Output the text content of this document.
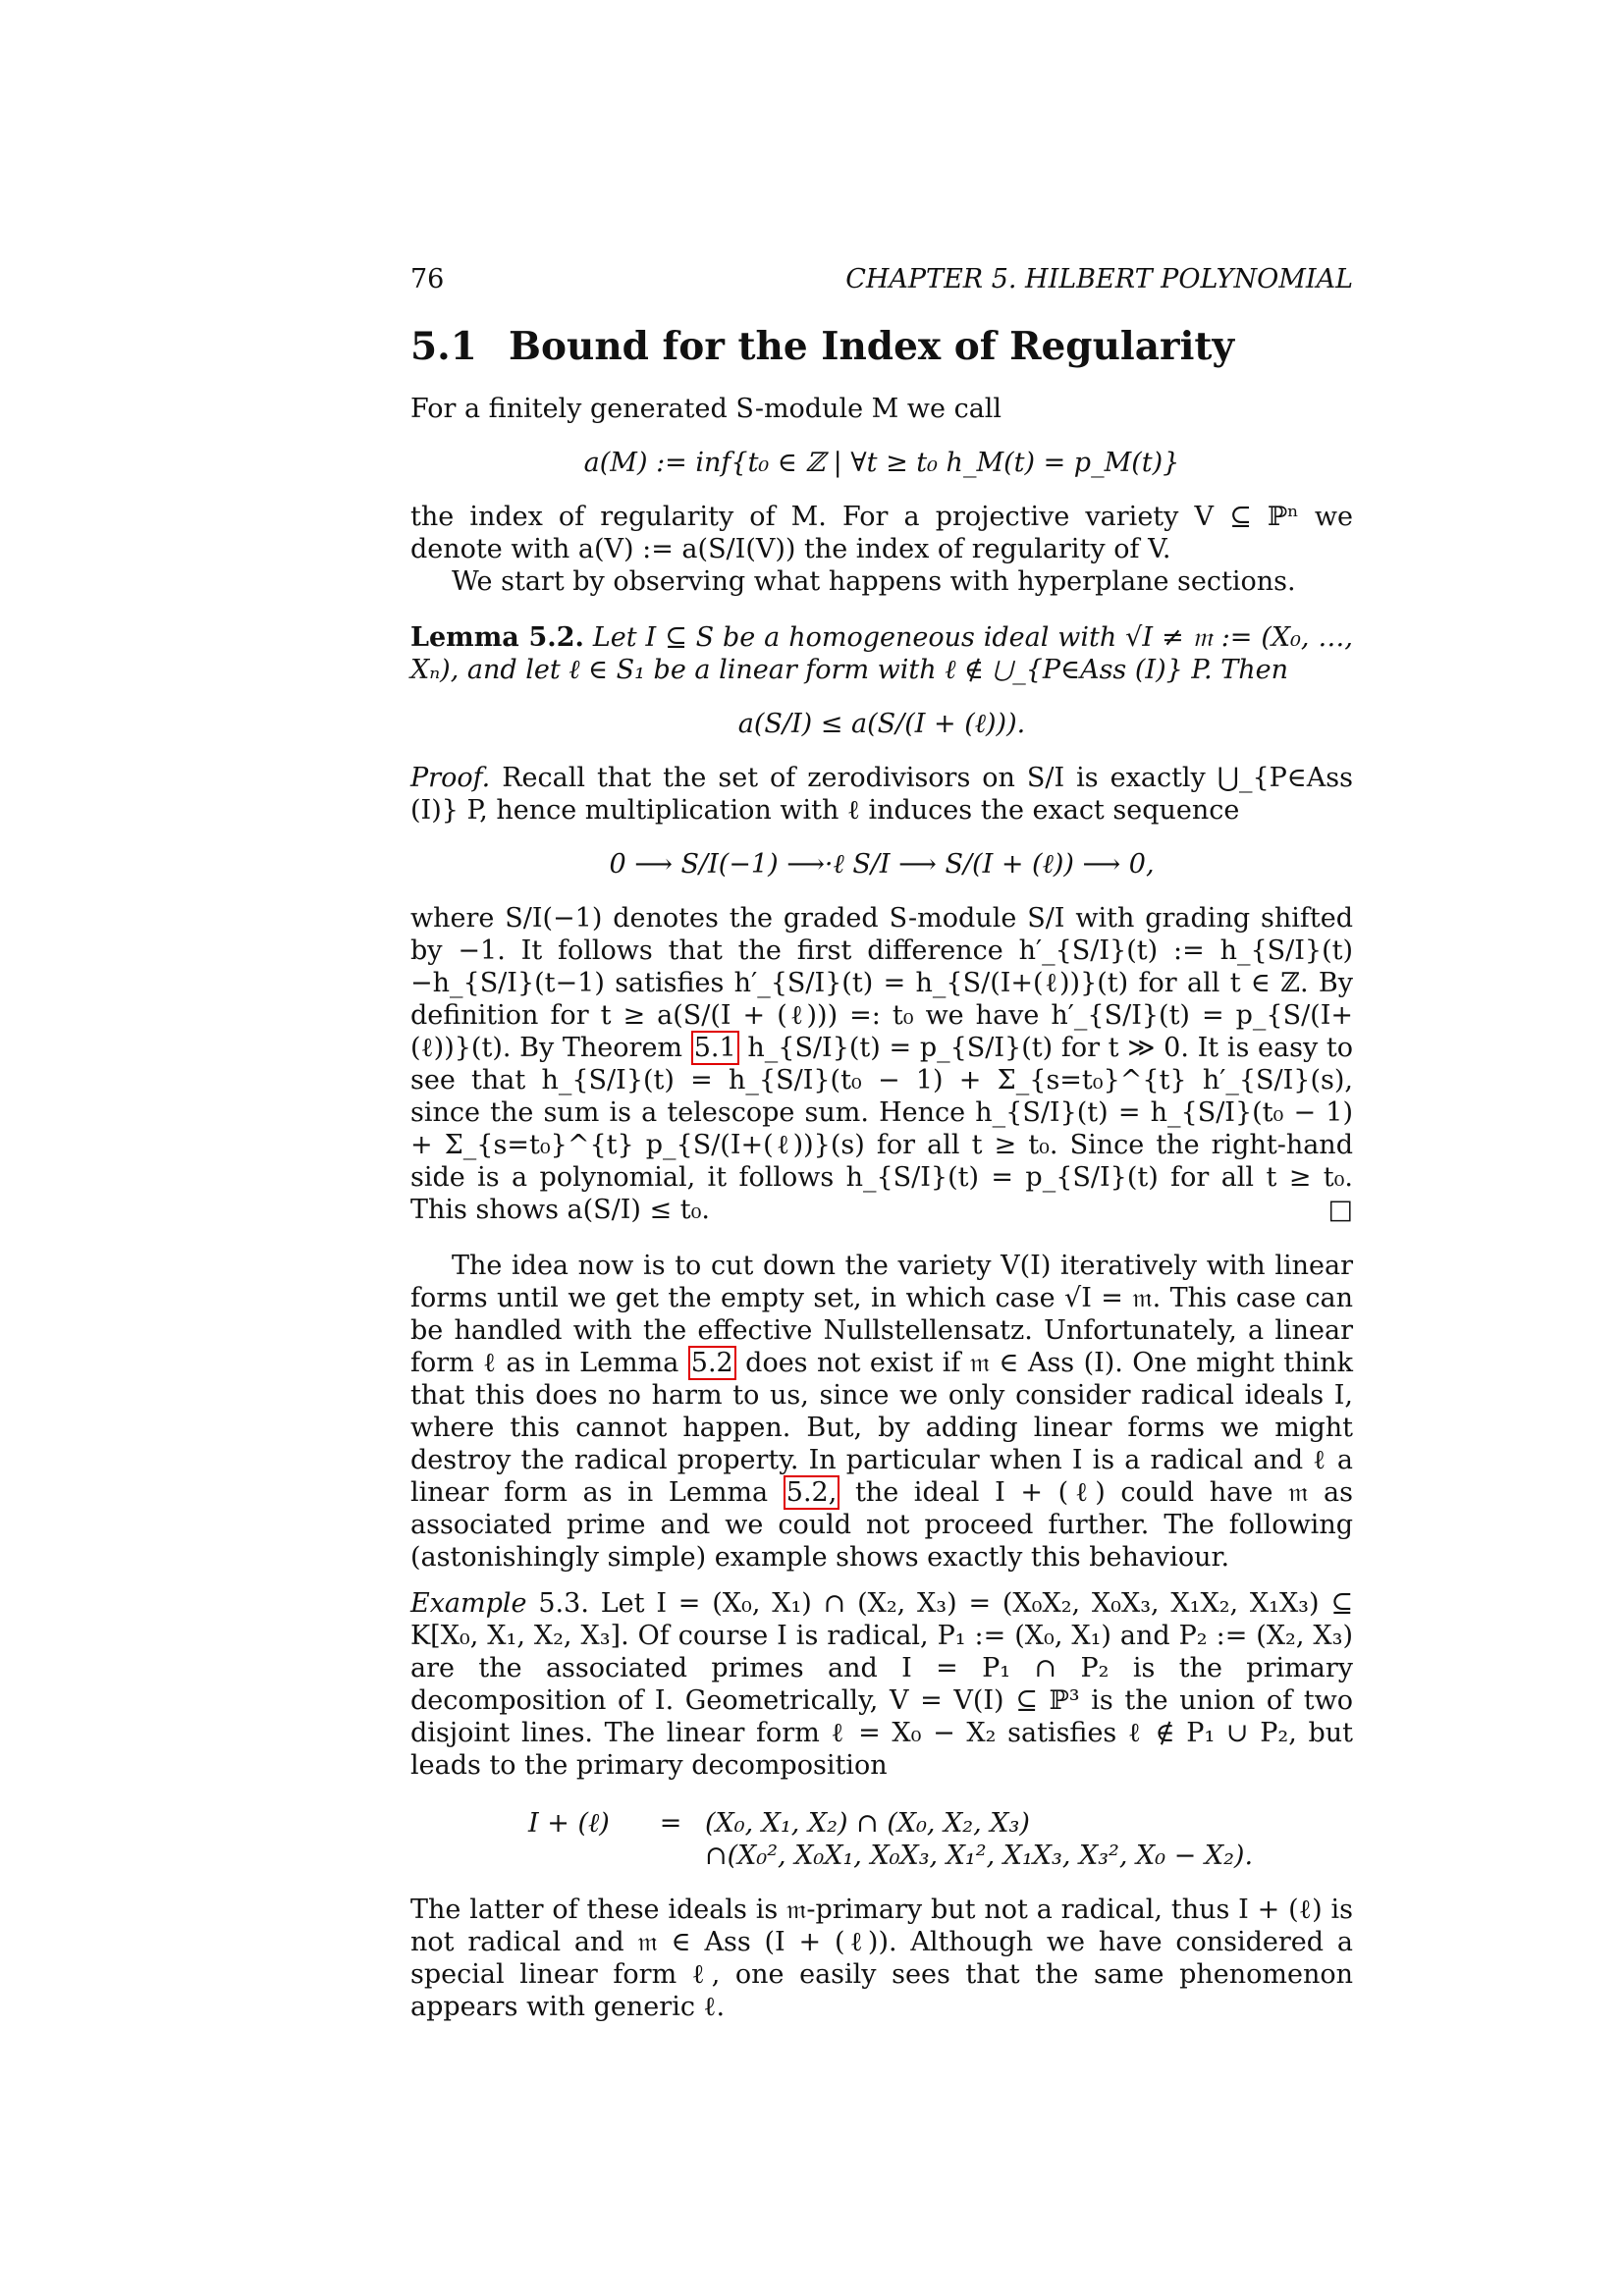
76	CHAPTER 5. HILBERT POLYNOMIAL
5.1 Bound for the Index of Regularity

For a finitely generated S-module M we call

a(M) := inf{t₀ ∈ ℤ | ∀t ≥ t₀ h_M(t) = p_M(t)}

the index of regularity of M. For a projective variety V ⊆ ℙⁿ we denote with a(V) := a(S/I(V)) the index of regularity of V.

We start by observing what happens with hyperplane sections.

Lemma 5.2. Let I ⊆ S be a homogeneous ideal with √I ≠ 𝔪 := (X₀, …, Xₙ), and let ℓ ∈ S₁ be a linear form with ℓ ∉ ⋃_{P∈Ass (I)} P. Then

a(S/I) ≤ a(S/(I + (ℓ))).

Proof. Recall that the set of zerodivisors on S/I is exactly ⋃_{P∈Ass (I)} P, hence multiplication with ℓ induces the exact sequence

0 ⟶ S/I(−1) ⟶·ℓ S/I ⟶ S/(I + (ℓ)) ⟶ 0,

where S/I(−1) denotes the graded S-module S/I with grading shifted by −1. It follows that the first difference h′_{S/I}(t) := h_{S/I}(t)−h_{S/I}(t−1) satisfies h′_{S/I}(t) = h_{S/(I+(ℓ))}(t) for all t ∈ ℤ. By definition for t ≥ a(S/(I + (ℓ))) =: t₀ we have h′_{S/I}(t) = p_{S/(I+(ℓ))}(t). By Theorem 5.1 h_{S/I}(t) = p_{S/I}(t) for t ≫ 0. It is easy to see that h_{S/I}(t) = h_{S/I}(t₀ − 1) + Σ_{s=t₀}^{t} h′_{S/I}(s), since the sum is a telescope sum. Hence h_{S/I}(t) = h_{S/I}(t₀ − 1) + Σ_{s=t₀}^{t} p_{S/(I+(ℓ))}(s) for all t ≥ t₀. Since the right-hand side is a polynomial, it follows h_{S/I}(t) = p_{S/I}(t) for all t ≥ t₀. This shows a(S/I) ≤ t₀.	□

The idea now is to cut down the variety V(I) iteratively with linear forms until we get the empty set, in which case √I = 𝔪. This case can be handled with the effective Nullstellensatz. Unfortunately, a linear form ℓ as in Lemma 5.2 does not exist if 𝔪 ∈ Ass (I). One might think that this does no harm to us, since we only consider radical ideals I, where this cannot happen. But, by adding linear forms we might destroy the radical property. In particular when I is a radical and ℓ a linear form as in Lemma 5.2, the ideal I + (ℓ) could have 𝔪 as associated prime and we could not proceed further. The following (astonishingly simple) example shows exactly this behaviour.

Example 5.3. Let I = (X₀, X₁) ∩ (X₂, X₃) = (X₀X₂, X₀X₃, X₁X₂, X₁X₃) ⊆ K[X₀, X₁, X₂, X₃]. Of course I is radical, P₁ := (X₀, X₁) and P₂ := (X₂, X₃) are the associated primes and I = P₁ ∩ P₂ is the primary decomposition of I. Geometrically, V = V(I) ⊆ ℙ³ is the union of two disjoint lines. The linear form ℓ = X₀ − X₂ satisfies ℓ ∉ P₁ ∪ P₂, but leads to the primary decomposition

I + (ℓ)	= (X₀, X₁, X₂) ∩ (X₀, X₂, X₃)
∩(X₀², X₀X₁, X₀X₃, X₁², X₁X₃, X₃², X₀ − X₂).

The latter of these ideals is 𝔪-primary but not a radical, thus I + (ℓ) is not radical and 𝔪 ∈ Ass (I + (ℓ)). Although we have considered a special linear form ℓ, one easily sees that the same phenomenon appears with generic ℓ.
